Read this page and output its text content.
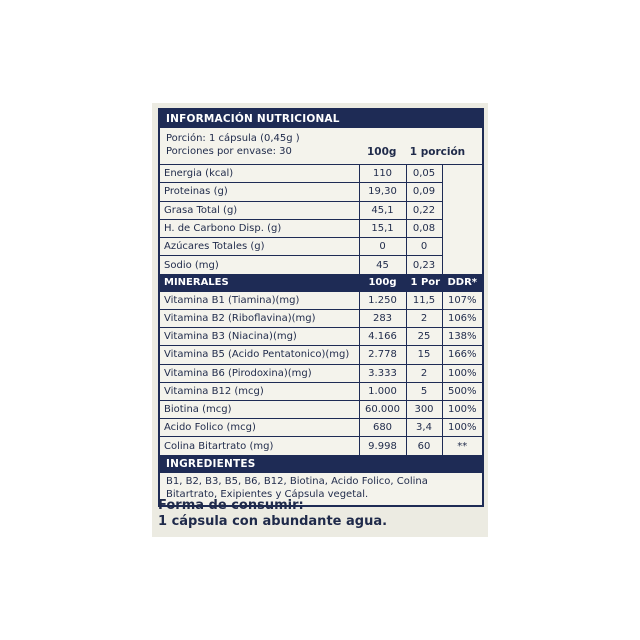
INFORMACIÓN NUTRICIONAL
Porción: 1 cápsula (0,45g )
Porciones por envase: 30	100g 1 porción
Energia (kcal)	110	0,05	
Proteinas (g)	19,30	0,09	
Grasa Total (g)	45,1	0,22	
H. de Carbono Disp. (g)	15,1	0,08	
Azúcares Totales (g)	0	0	
Sodio (mg)	45	0,23	
MINERALES	100g	1 Por	DDR*
Vitamina B1 (Tiamina)(mg)	1.250	11,5	107%
Vitamina B2 (Riboflavina)(mg)	283	2	106%
Vitamina B3 (Niacina)(mg)	4.166	25	138%
Vitamina B5 (Acido Pentatonico)(mg)	2.778	15	166%
Vitamina B6 (Pirodoxina)(mg)	3.333	2	100%
Vitamina B12 (mcg)	1.000	5	500%
Biotina (mcg)	60.000	300	100%
Acido Folico (mcg)	680	3,4	100%
Colina Bitartrato (mg)	9.998	60	**
INGREDIENTES
B1, B2, B3, B5, B6, B12, Biotina, Acido Folico, Colina Bitartrato, Exipientes y Cápsula vegetal.
Forma de consumir:
1 cápsula con abundante agua.
